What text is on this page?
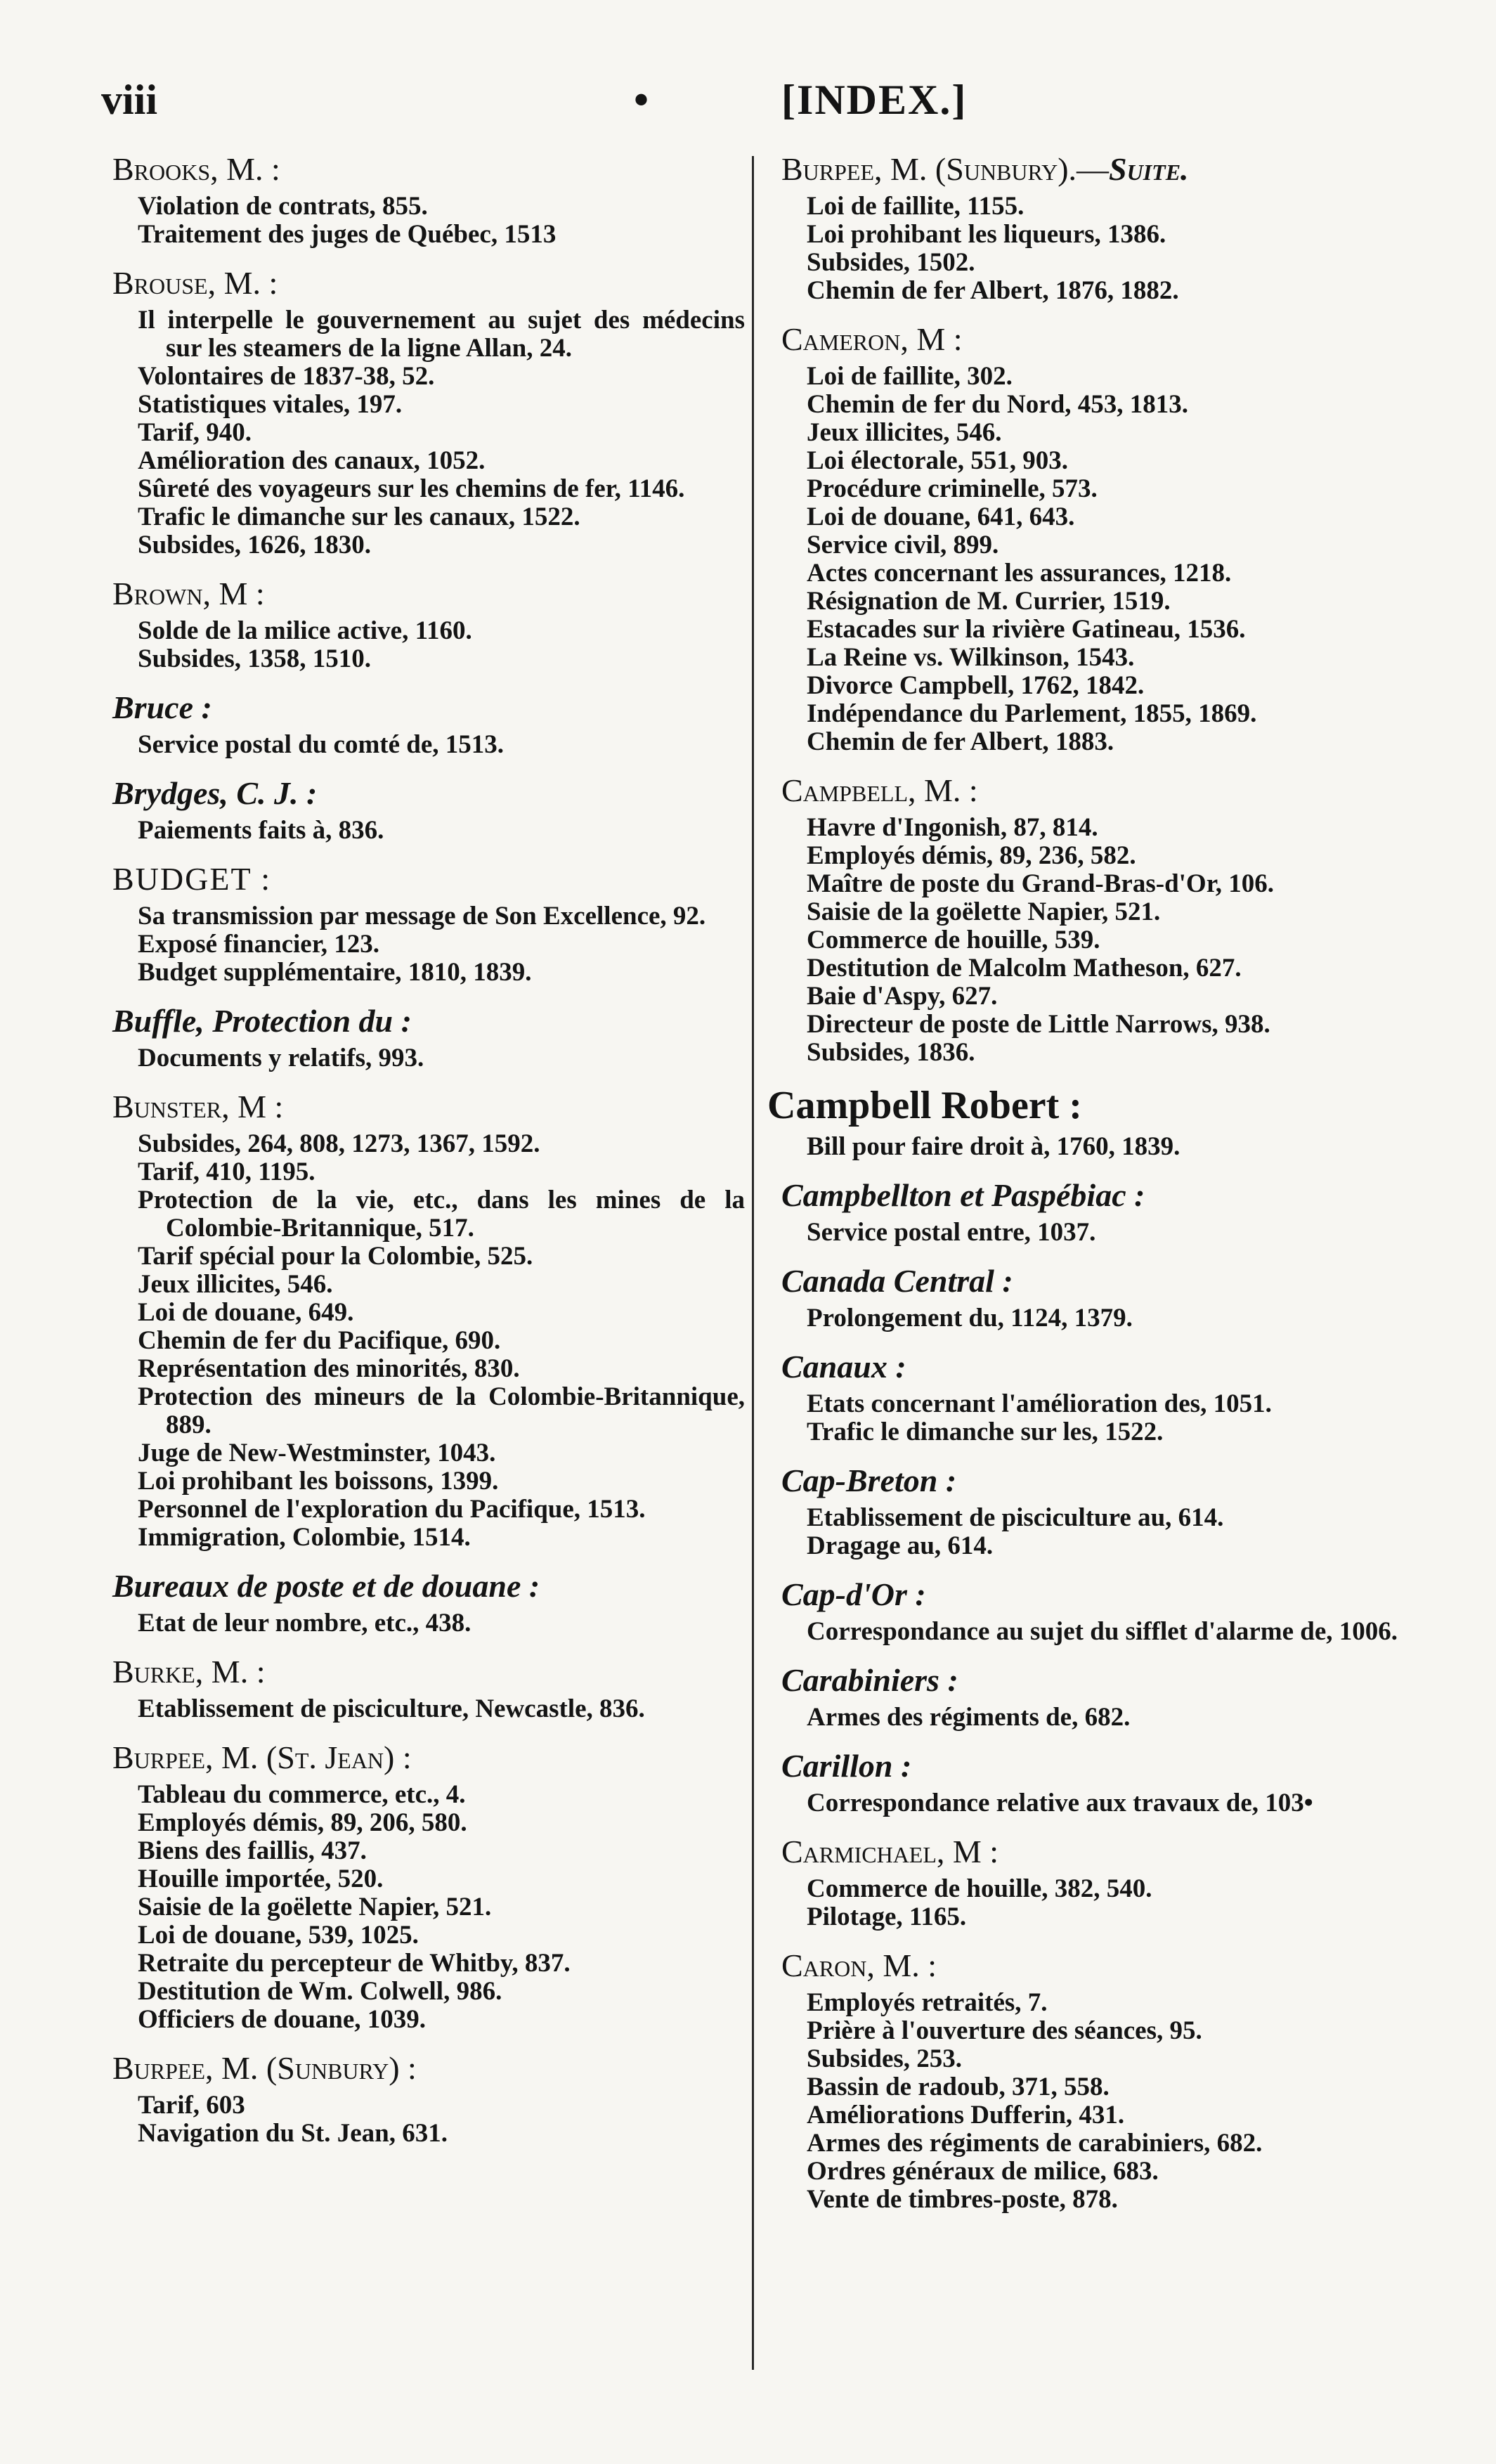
viii	•	[INDEX.]
Brooks, M. :
Violation de contrats, 855.
Traitement des juges de Québec, 1513
Brouse, M. :
Il interpelle le gouvernement au sujet des médecins sur les steamers de la ligne Allan, 24.
Volontaires de 1837-38, 52.
Statistiques vitales, 197.
Tarif, 940.
Amélioration des canaux, 1052.
Sûreté des voyageurs sur les chemins de fer, 1146.
Trafic le dimanche sur les canaux, 1522.
Subsides, 1626, 1830.
Brown, M :
Solde de la milice active, 1160.
Subsides, 1358, 1510.
Bruce :
Service postal du comté de, 1513.
Brydges, C. J. :
Paiements faits à, 836.
BUDGET :
Sa transmission par message de Son Excellence, 92.
Exposé financier, 123.
Budget supplémentaire, 1810, 1839.
Buffle, Protection du :
Documents y relatifs, 993.
Bunster, M :
Subsides, 264, 808, 1273, 1367, 1592.
Tarif, 410, 1195.
Protection de la vie, etc., dans les mines de la Colombie-Britannique, 517.
Tarif spécial pour la Colombie, 525.
Jeux illicites, 546.
Loi de douane, 649.
Chemin de fer du Pacifique, 690.
Représentation des minorités, 830.
Protection des mineurs de la Colombie-Britannique, 889.
Juge de New-Westminster, 1043.
Loi prohibant les boissons, 1399.
Personnel de l'exploration du Pacifique, 1513.
Immigration, Colombie, 1514.
Bureaux de poste et de douane :
Etat de leur nombre, etc., 438.
Burke, M. :
Etablissement de pisciculture, Newcastle, 836.
Burpee, M. (St. Jean) :
Tableau du commerce, etc., 4.
Employés démis, 89, 206, 580.
Biens des faillis, 437.
Houille importée, 520.
Saisie de la goëlette Napier, 521.
Loi de douane, 539, 1025.
Retraite du percepteur de Whitby, 837.
Destitution de Wm. Colwell, 986.
Officiers de douane, 1039.
Burpee, M. (Sunbury) :
Tarif, 603
Navigation du St. Jean, 631.
Burpee, M. (Sunbury).—Suite.
Loi de faillite, 1155.
Loi prohibant les liqueurs, 1386.
Subsides, 1502.
Chemin de fer Albert, 1876, 1882.
Cameron, M :
Loi de faillite, 302.
Chemin de fer du Nord, 453, 1813.
Jeux illicites, 546.
Loi électorale, 551, 903.
Procédure criminelle, 573.
Loi de douane, 641, 643.
Service civil, 899.
Actes concernant les assurances, 1218.
Résignation de M. Currier, 1519.
Estacades sur la rivière Gatineau, 1536.
La Reine vs. Wilkinson, 1543.
Divorce Campbell, 1762, 1842.
Indépendance du Parlement, 1855, 1869.
Chemin de fer Albert, 1883.
Campbell, M. :
Havre d'Ingonish, 87, 814.
Employés démis, 89, 236, 582.
Maître de poste du Grand-Bras-d'Or, 106.
Saisie de la goëlette Napier, 521.
Commerce de houille, 539.
Destitution de Malcolm Matheson, 627.
Baie d'Aspy, 627.
Directeur de poste de Little Narrows, 938.
Subsides, 1836.
Campbell Robert :
Bill pour faire droit à, 1760, 1839.
Campbellton et Paspébiac :
Service postal entre, 1037.
Canada Central :
Prolongement du, 1124, 1379.
Canaux :
Etats concernant l'amélioration des, 1051.
Trafic le dimanche sur les, 1522.
Cap-Breton :
Etablissement de pisciculture au, 614.
Dragage au, 614.
Cap-d'Or :
Correspondance au sujet du sifflet d'alarme de, 1006.
Carabiniers :
Armes des régiments de, 682.
Carillon :
Correspondance relative aux travaux de, 103•
Carmichael, M :
Commerce de houille, 382, 540.
Pilotage, 1165.
Caron, M. :
Employés retraités, 7.
Prière à l'ouverture des séances, 95.
Subsides, 253.
Bassin de radoub, 371, 558.
Améliorations Dufferin, 431.
Armes des régiments de carabiniers, 682.
Ordres généraux de milice, 683.
Vente de timbres-poste, 878.
